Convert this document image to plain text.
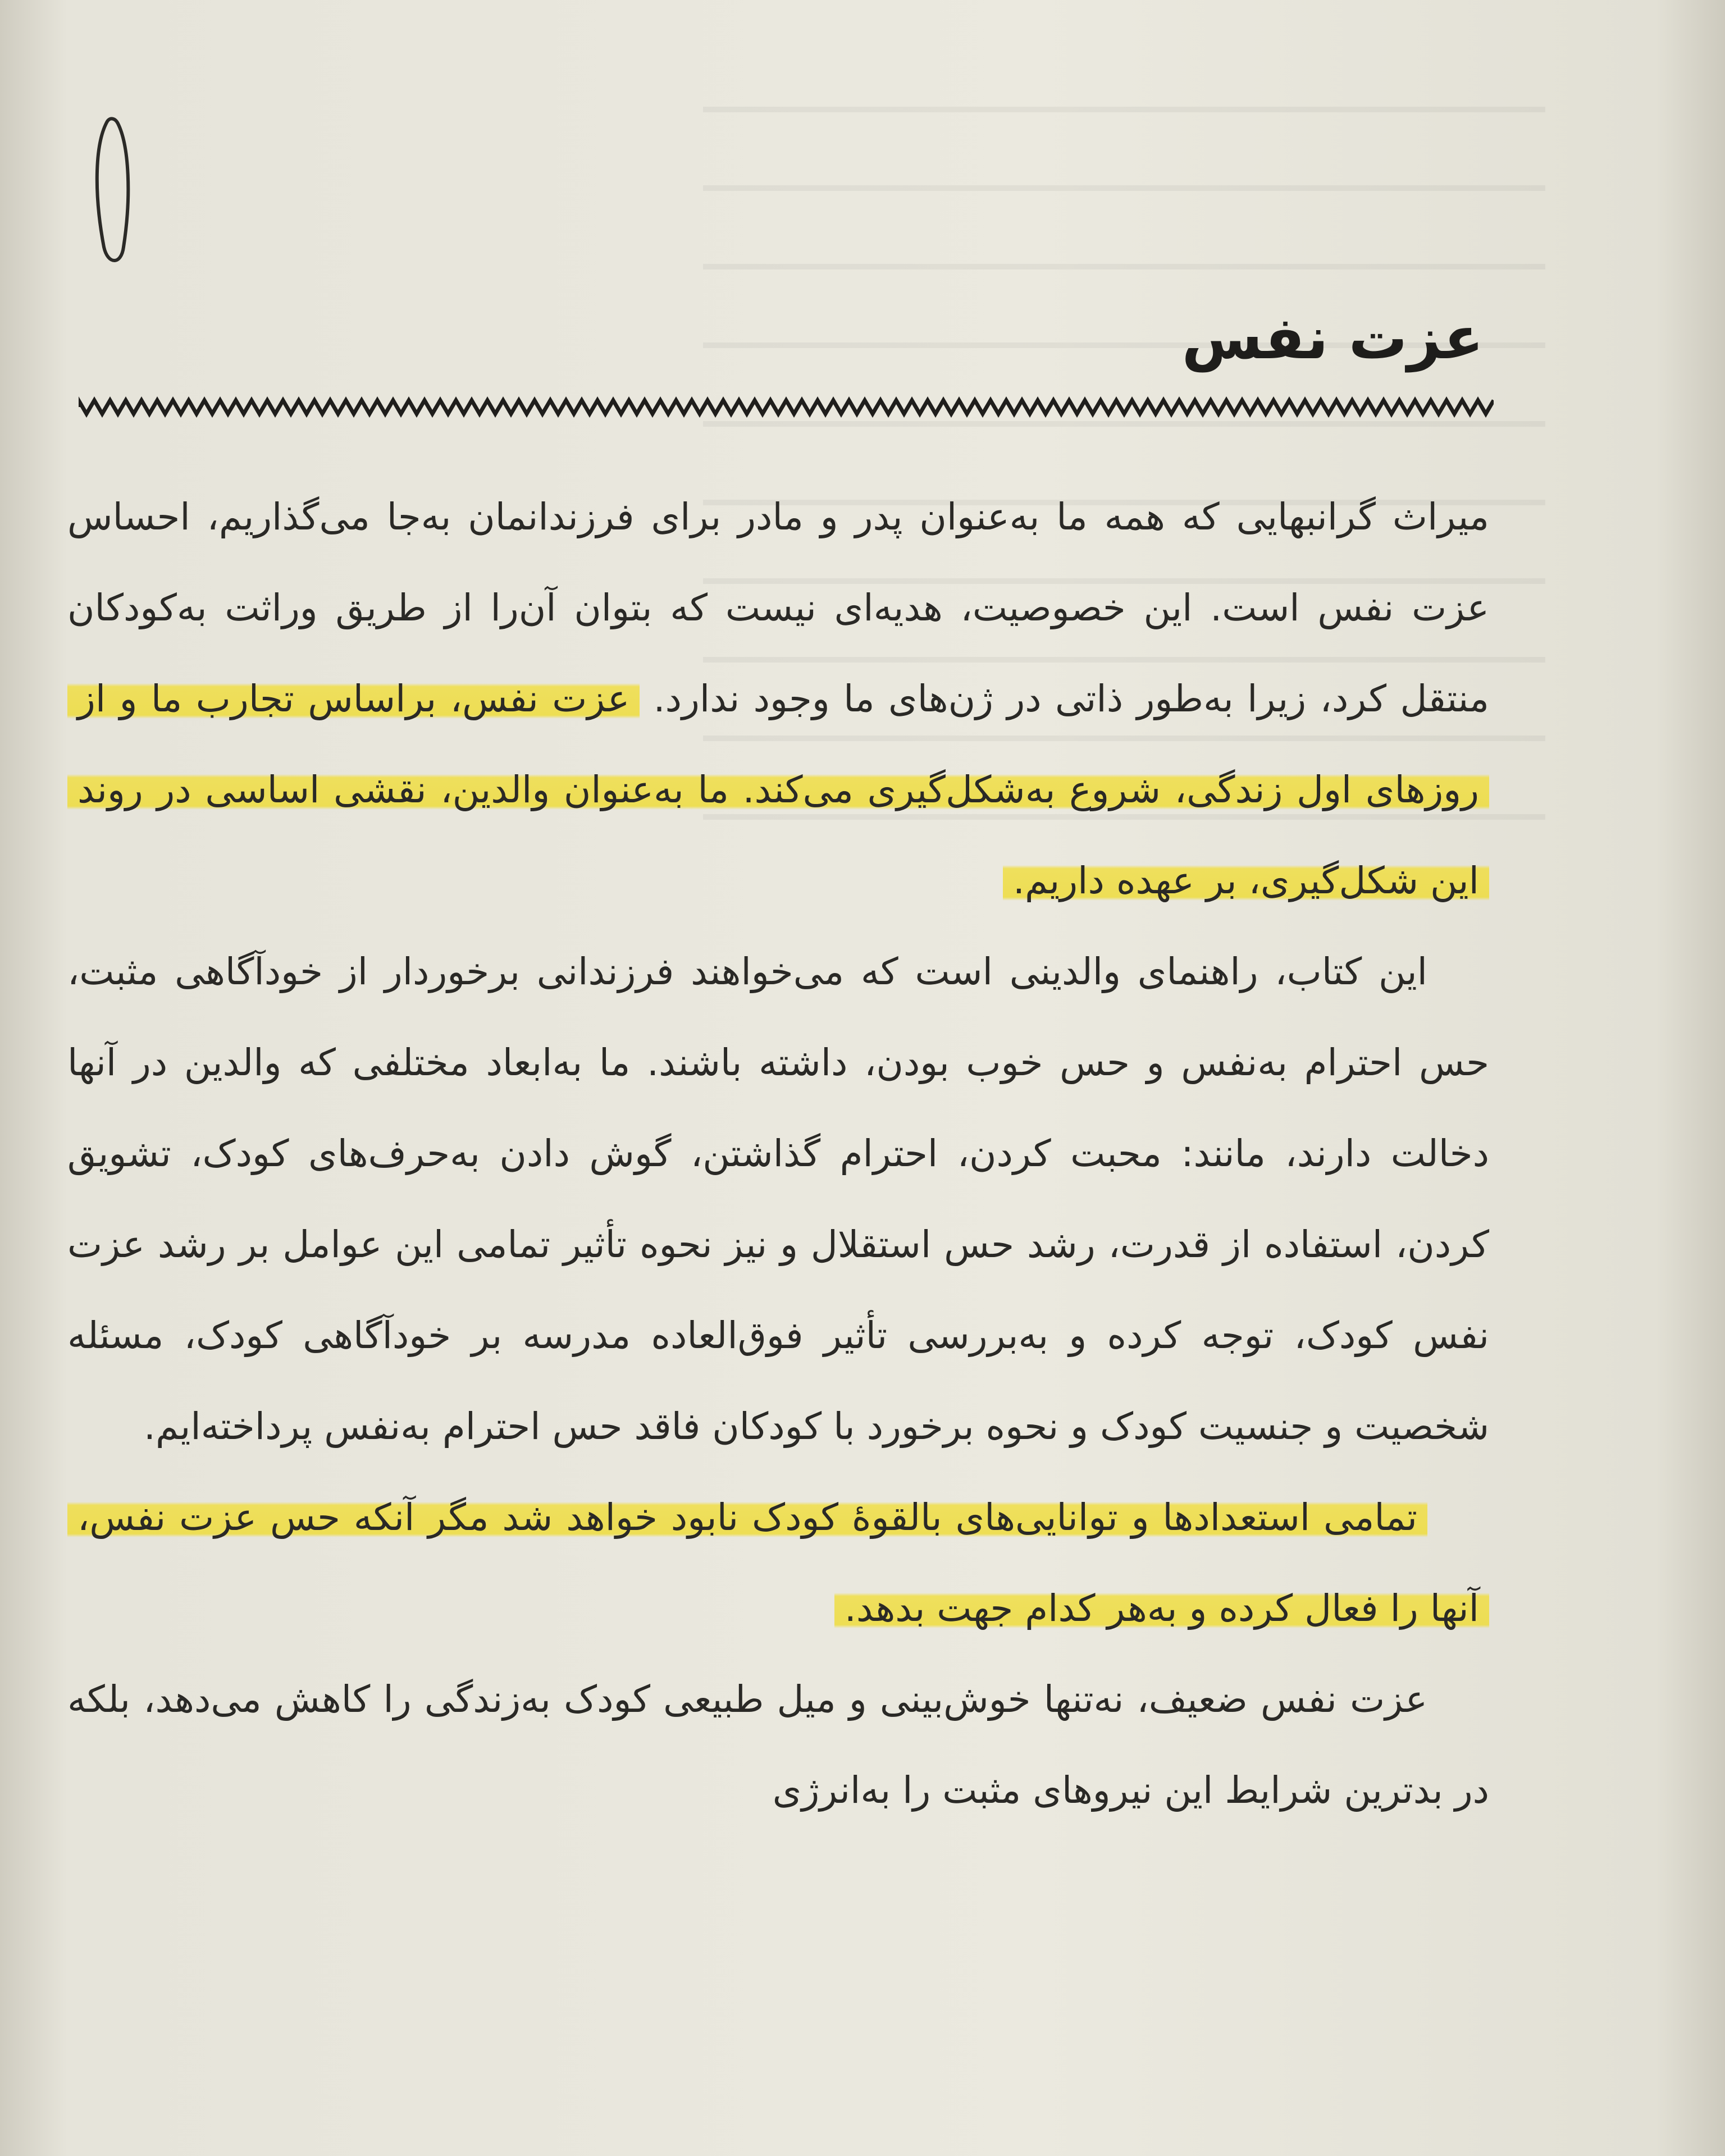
عزت نفس

میراث گرانبهایی که همه ما به‌عنوان پدر و مادر برای فرزندانمان به‌جا می‌گذاریم، احساس عزت نفس است. این خصوصیت، هدیه‌ای نیست که بتوان آن‌را از طریق وراثت به‌کودکان منتقل کرد، زیرا به‌طور ذاتی در ژن‌های ما وجود ندارد. عزت نفس، براساس تجارب ما و از روزهای اول زندگی، شروع به‌شکل‌گیری می‌کند. ما به‌عنوان والدین، نقشی اساسی در روند این شکل‌گیری، بر عهده داریم.

این کتاب، راهنمای والدینی است که می‌خواهند فرزندانی برخوردار از خودآگاهی مثبت، حس احترام به‌نفس و حس خوب بودن، داشته باشند. ما به‌ابعاد مختلفی که والدین در آنها دخالت دارند، مانند: محبت کردن، احترام گذاشتن، گوش دادن به‌حرف‌های کودک، تشویق کردن، استفاده از قدرت، رشد حس استقلال و نیز نحوه تأثیر تمامی این عوامل بر رشد عزت نفس کودک، توجه کرده و به‌بررسی تأثیر فوق‌العاده مدرسه بر خودآگاهی کودک، مسئله شخصیت و جنسیت کودک و نحوه برخورد با کودکان فاقد حس احترام به‌نفس پرداخته‌ایم.

تمامی استعدادها و توانایی‌های بالقوهٔ کودک نابود خواهد شد مگر آنکه حس عزت نفس، آنها را فعال کرده و به‌هر کدام جهت بدهد.

عزت نفس ضعیف، نه‌تنها خوش‌بینی و میل طبیعی کودک به‌زندگی را کاهش می‌دهد، بلکه در بدترین شرایط این نیروهای مثبت را به‌انرژی
